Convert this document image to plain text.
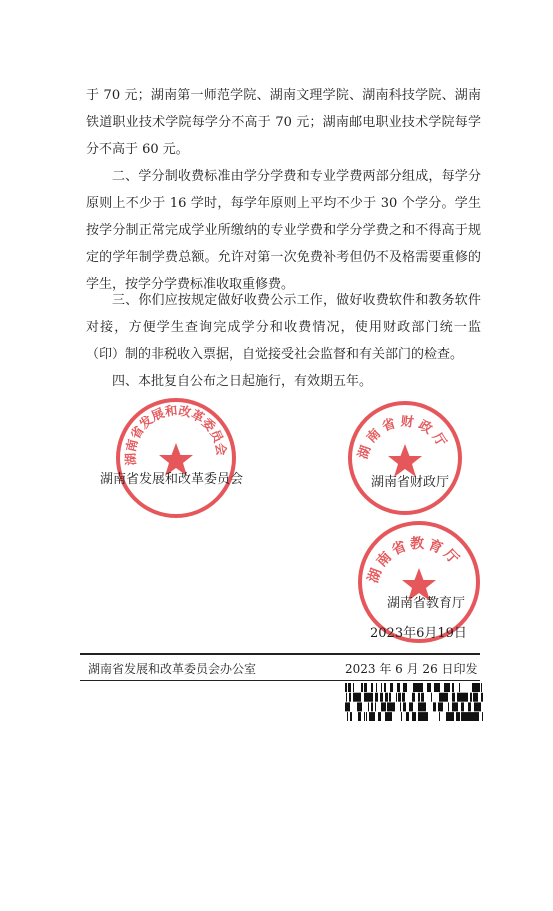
于 70 元；湖南第一师范学院、湖南文理学院、湖南科技学院、湖南铁道职业技术学院每学分不高于 70 元；湖南邮电职业技术学院每学分不高于 60 元。

二、学分制收费标准由学分学费和专业学费两部分组成，每学分原则上不少于 16 学时，每学年原则上平均不少于 30 个学分。学生按学分制正常完成学业所缴纳的专业学费和学分学费之和不得高于规定的学年制学费总额。允许对第一次免费补考但仍不及格需要重修的学生，按学分学费标准收取重修费。

三、你们应按规定做好收费公示工作，做好收费软件和教务软件对接，方便学生查询完成学分和收费情况，使用财政部门统一监（印）制的非税收入票据，自觉接受社会监督和有关部门的检查。

四、本批复自公布之日起施行，有效期五年。

湖南省发展和改革委员会	湖南省财政厅
湖南省教育厅
湖南省发展和改革委员会	湖南省财政厅
湖南省教育厅
2023年6月19日
湖南省发展和改革委员会办公室	2023 年 6 月 26 日印发
